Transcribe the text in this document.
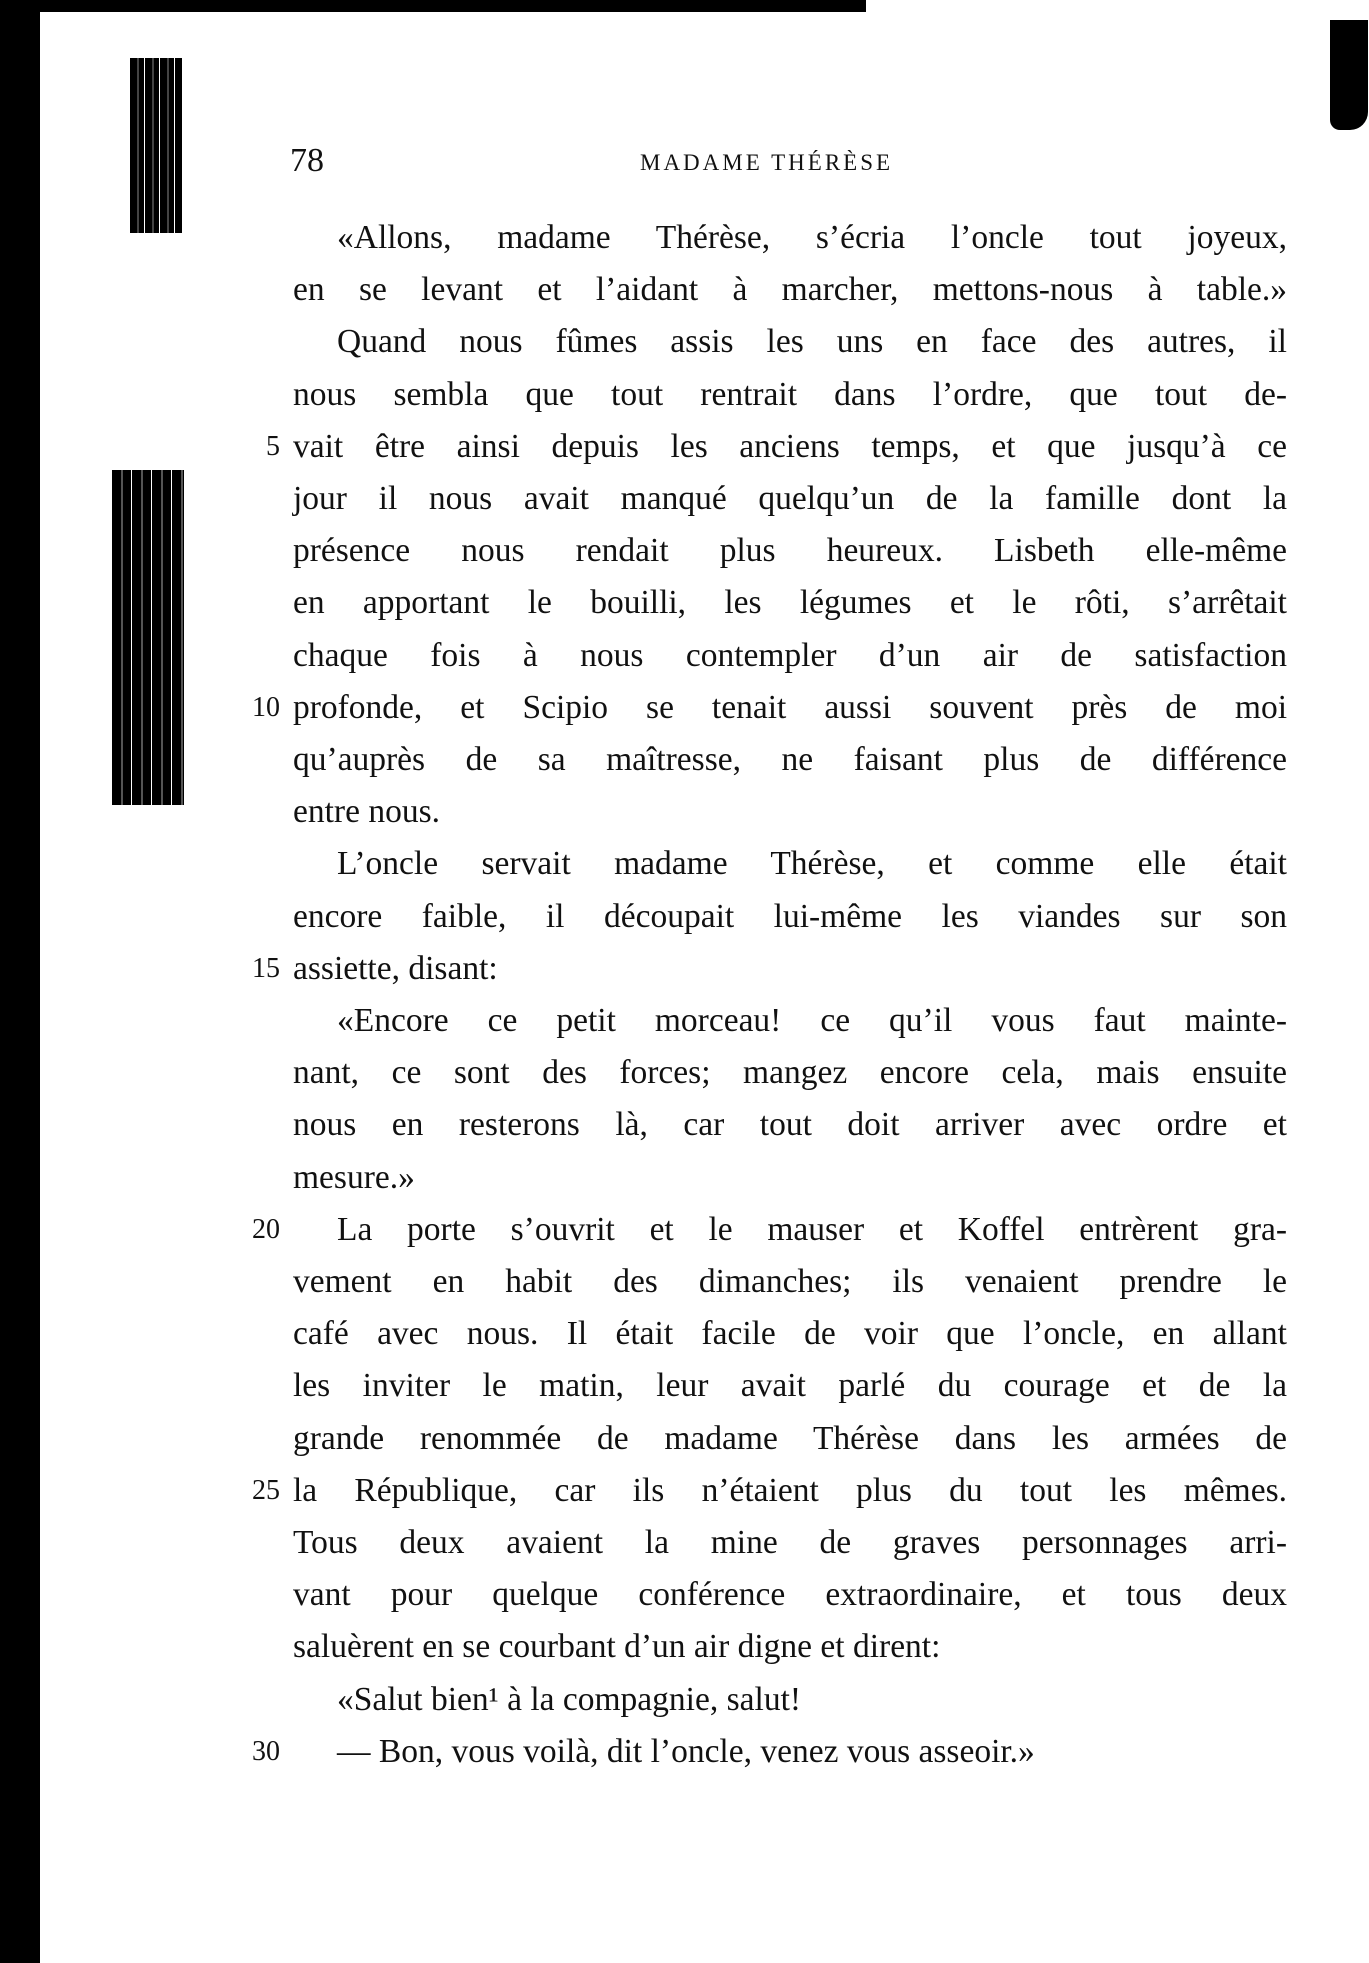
78	MADAME THÉRÈSE
«Allons, madame Thérèse, s’écria l’oncle tout joyeux,
en se levant et l’aidant à marcher, mettons-nous à table.»
Quand nous fûmes assis les uns en face des autres, il
nous sembla que tout rentrait dans l’ordre, que tout de-
vait être ainsi depuis les anciens temps, et que jusqu’à ce
5
jour il nous avait manqué quelqu’un de la famille dont la
présence nous rendait plus heureux. Lisbeth elle-même
en apportant le bouilli, les légumes et le rôti, s’arrêtait
chaque fois à nous contempler d’un air de satisfaction
profonde, et Scipio se tenait aussi souvent près de moi
10
qu’auprès de sa maîtresse, ne faisant plus de différence
entre nous.
L’oncle servait madame Thérèse, et comme elle était
encore faible, il découpait lui-même les viandes sur son
assiette, disant:
15
«Encore ce petit morceau! ce qu’il vous faut mainte-
nant, ce sont des forces; mangez encore cela, mais ensuite
nous en resterons là, car tout doit arriver avec ordre et
mesure.»
La porte s’ouvrit et le mauser et Koffel entrèrent gra-
20
vement en habit des dimanches; ils venaient prendre le
café avec nous. Il était facile de voir que l’oncle, en allant
les inviter le matin, leur avait parlé du courage et de la
grande renommée de madame Thérèse dans les armées de
la République, car ils n’étaient plus du tout les mêmes.
25
Tous deux avaient la mine de graves personnages arri-
vant pour quelque conférence extraordinaire, et tous deux
saluèrent en se courbant d’un air digne et dirent:
«Salut bien¹ à la compagnie, salut!
— Bon, vous voilà, dit l’oncle, venez vous asseoir.»
30
